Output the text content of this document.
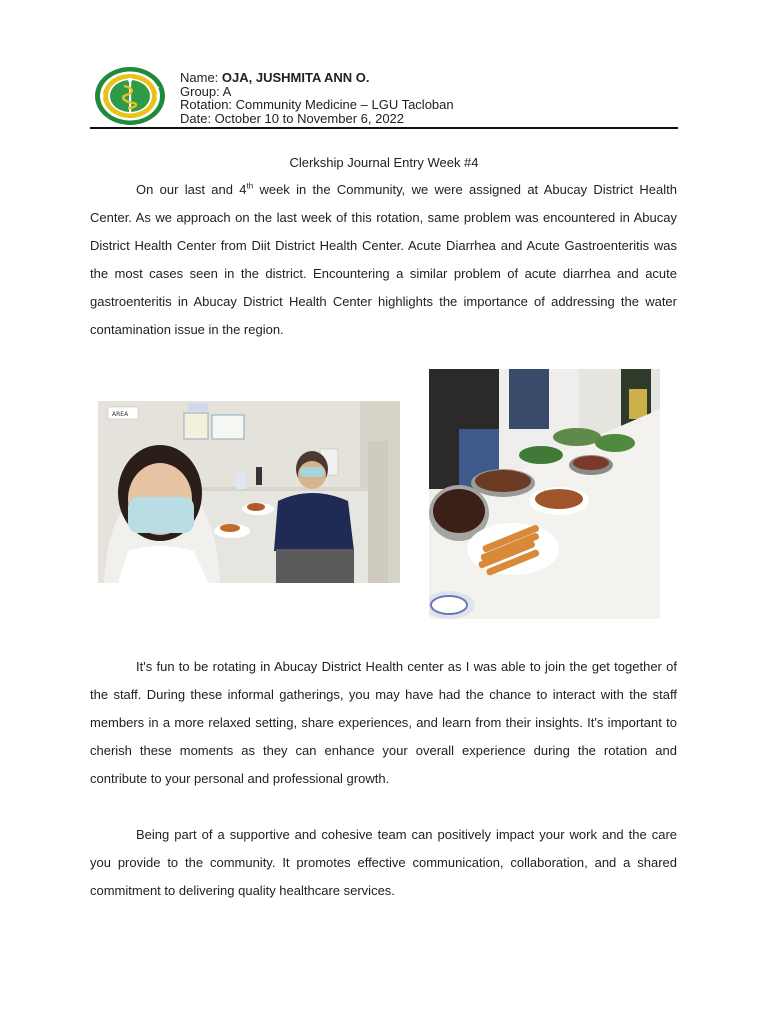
Name: OJA, JUSHMITA ANN O.
Group: A
Rotation: Community Medicine – LGU Tacloban
Date: October 10 to November 6, 2022
Clerkship Journal Entry Week #4
On our last and 4th week in the Community, we were assigned at Abucay District Health Center. As we approach on the last week of this rotation, same problem was encountered in Abucay District Health Center from Diit District Health Center. Acute Diarrhea and Acute Gastroenteritis was the most cases seen in the district. Encountering a similar problem of acute diarrhea and acute gastroenteritis in Abucay District Health Center highlights the importance of addressing the water contamination issue in the region.
AREA
It's fun to be rotating in Abucay District Health center as I was able to join the get together of the staff. During these informal gatherings, you may have had the chance to interact with the staff members in a more relaxed setting, share experiences, and learn from their insights. It's important to cherish these moments as they can enhance your overall experience during the rotation and contribute to your personal and professional growth.
Being part of a supportive and cohesive team can positively impact your work and the care you provide to the community. It promotes effective communication, collaboration, and a shared commitment to delivering quality healthcare services.
